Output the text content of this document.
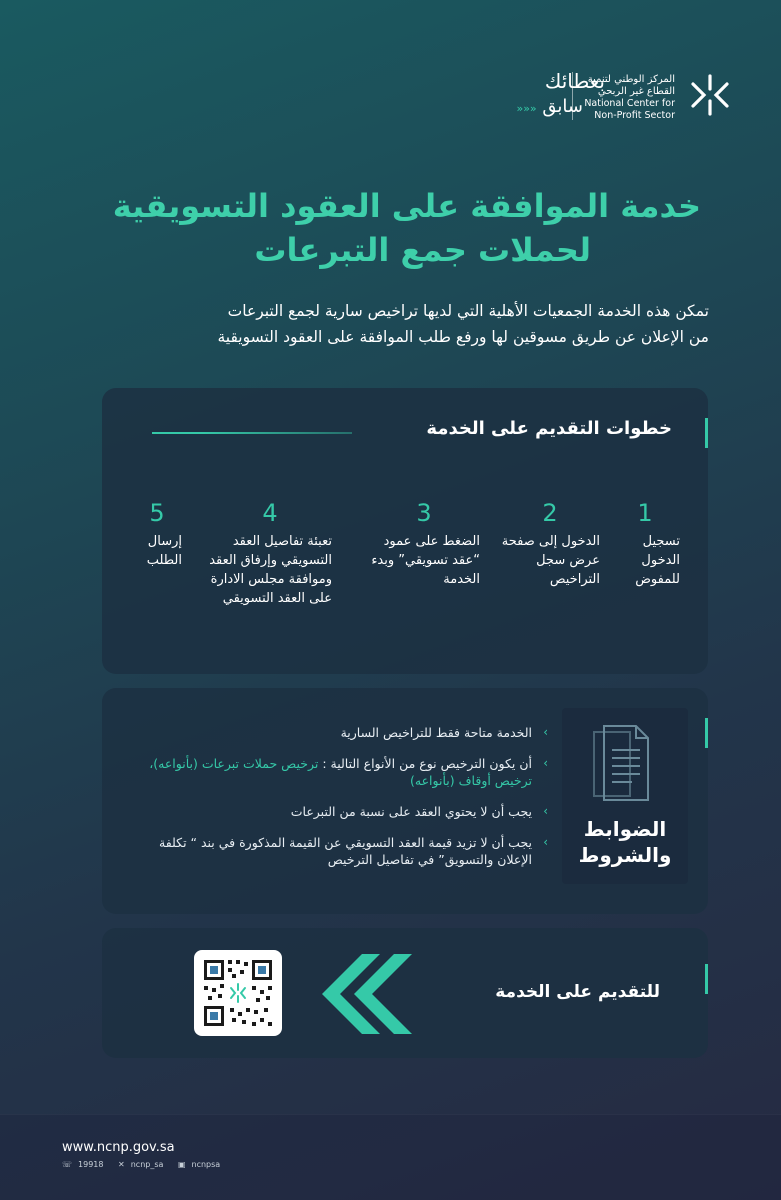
المركز الوطني لتنمية
القطاع غير الربحي
National Center for
Non-Profit Sector
بعطائك
»»» سابق
خدمة الموافقة على العقود التسويقية
لحملات جمع التبرعات
تمكن هذه الخدمة الجمعيات الأهلية التي لديها تراخيص سارية لجمع التبرعات
من الإعلان عن طريق مسوقين لها ورفع طلب الموافقة على العقود التسويقية
خطوات التقديم على الخدمة
1
تسجيل الدخول للمفوض
2
الدخول إلى صفحة عرض سجل التراخيص
3
الضغط على عمود “عقد تسويقي” وبدء الخدمة
4
تعبئة تفاصيل العقد التسويقي وإرفاق العقد وموافقة مجلس الادارة على العقد التسويقي
5
إرسال الطلب
الضوابط
والشروط
‹
الخدمة متاحة فقط للتراخيص السارية
‹
أن يكون الترخيص نوع من الأنواع التالية : ترخيص حملات تبرعات (بأنواعه)، ترخيص أوقاف (بأنواعه)
‹
يجب أن لا يحتوي العقد على نسبة من التبرعات
‹
يجب أن لا تزيد قيمة العقد التسويقي عن القيمة المذكورة في بند “ تكلفة الإعلان والتسويق” في تفاصيل الترخيص
للتقديم على الخدمة
www.ncnp.gov.sa
☏ 19918 ✕ ncnp_sa ▣ ncnpsa
